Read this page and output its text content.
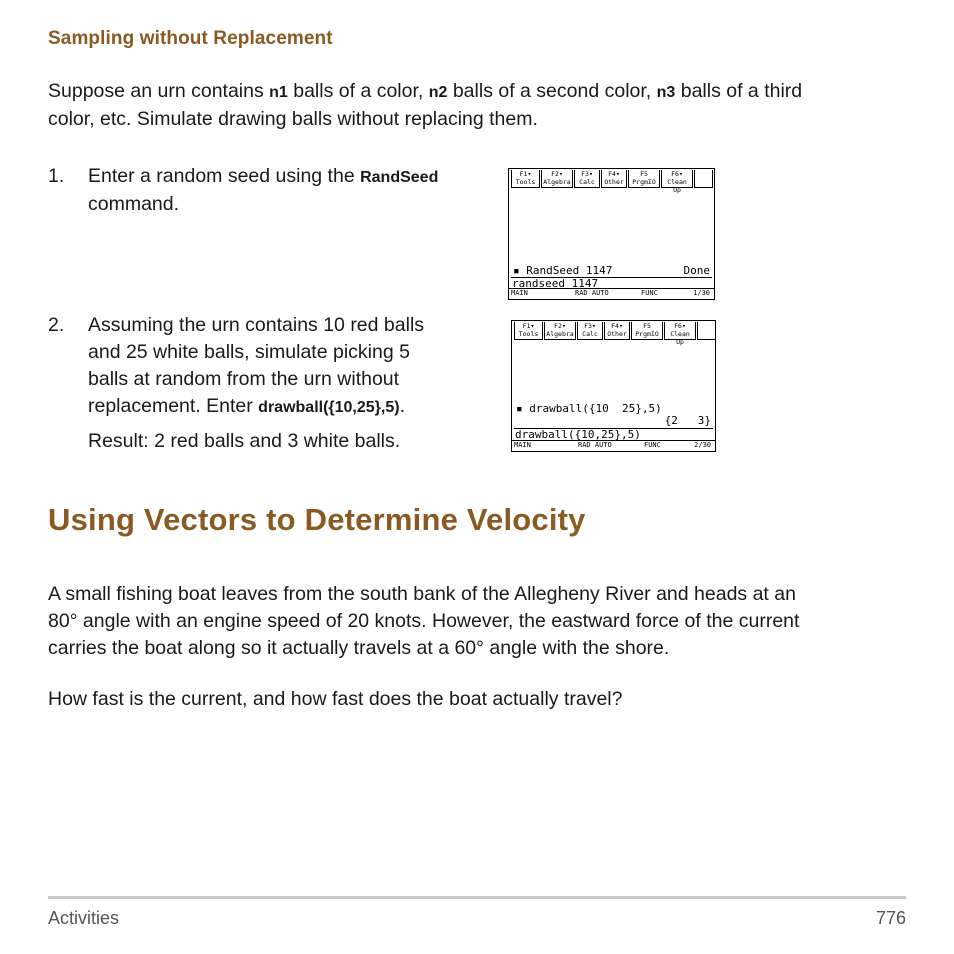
Sampling without Replacement
Suppose an urn contains n1 balls of a color, n2 balls of a second color, n3 balls of a third
color, etc. Simulate drawing balls without replacing them.
1. Enter a random seed using the RandSeed
command.
F1▾
Tools
F2▾
Algebra
F3▾
Calc
F4▾
Other
F5
PrgmIO
F6▾
Clean Up
▪ RandSeed 1147	Done
randseed 1147
MAIN	RAD AUTO	FUNC	1/30
2. Assuming the urn contains 10 red balls
and 25 white balls, simulate picking 5
balls at random from the urn without
replacement. Enter drawball({10,25},5).
Result: 2 red balls and 3 white balls.
F1▾
Tools
F2▾
Algebra
F3▾
Calc
F4▾
Other
F5
PrgmIO
F6▾
Clean Up
▪ drawball({10  25},5)
{2   3}
drawball({10,25},5)
MAIN	RAD AUTO	FUNC	2/30
Using Vectors to Determine Velocity
A small fishing boat leaves from the south bank of the Allegheny River and heads at an
80° angle with an engine speed of 20 knots. However, the eastward force of the current
carries the boat along so it actually travels at a 60° angle with the shore.
How fast is the current, and how fast does the boat actually travel?
Activities	776
